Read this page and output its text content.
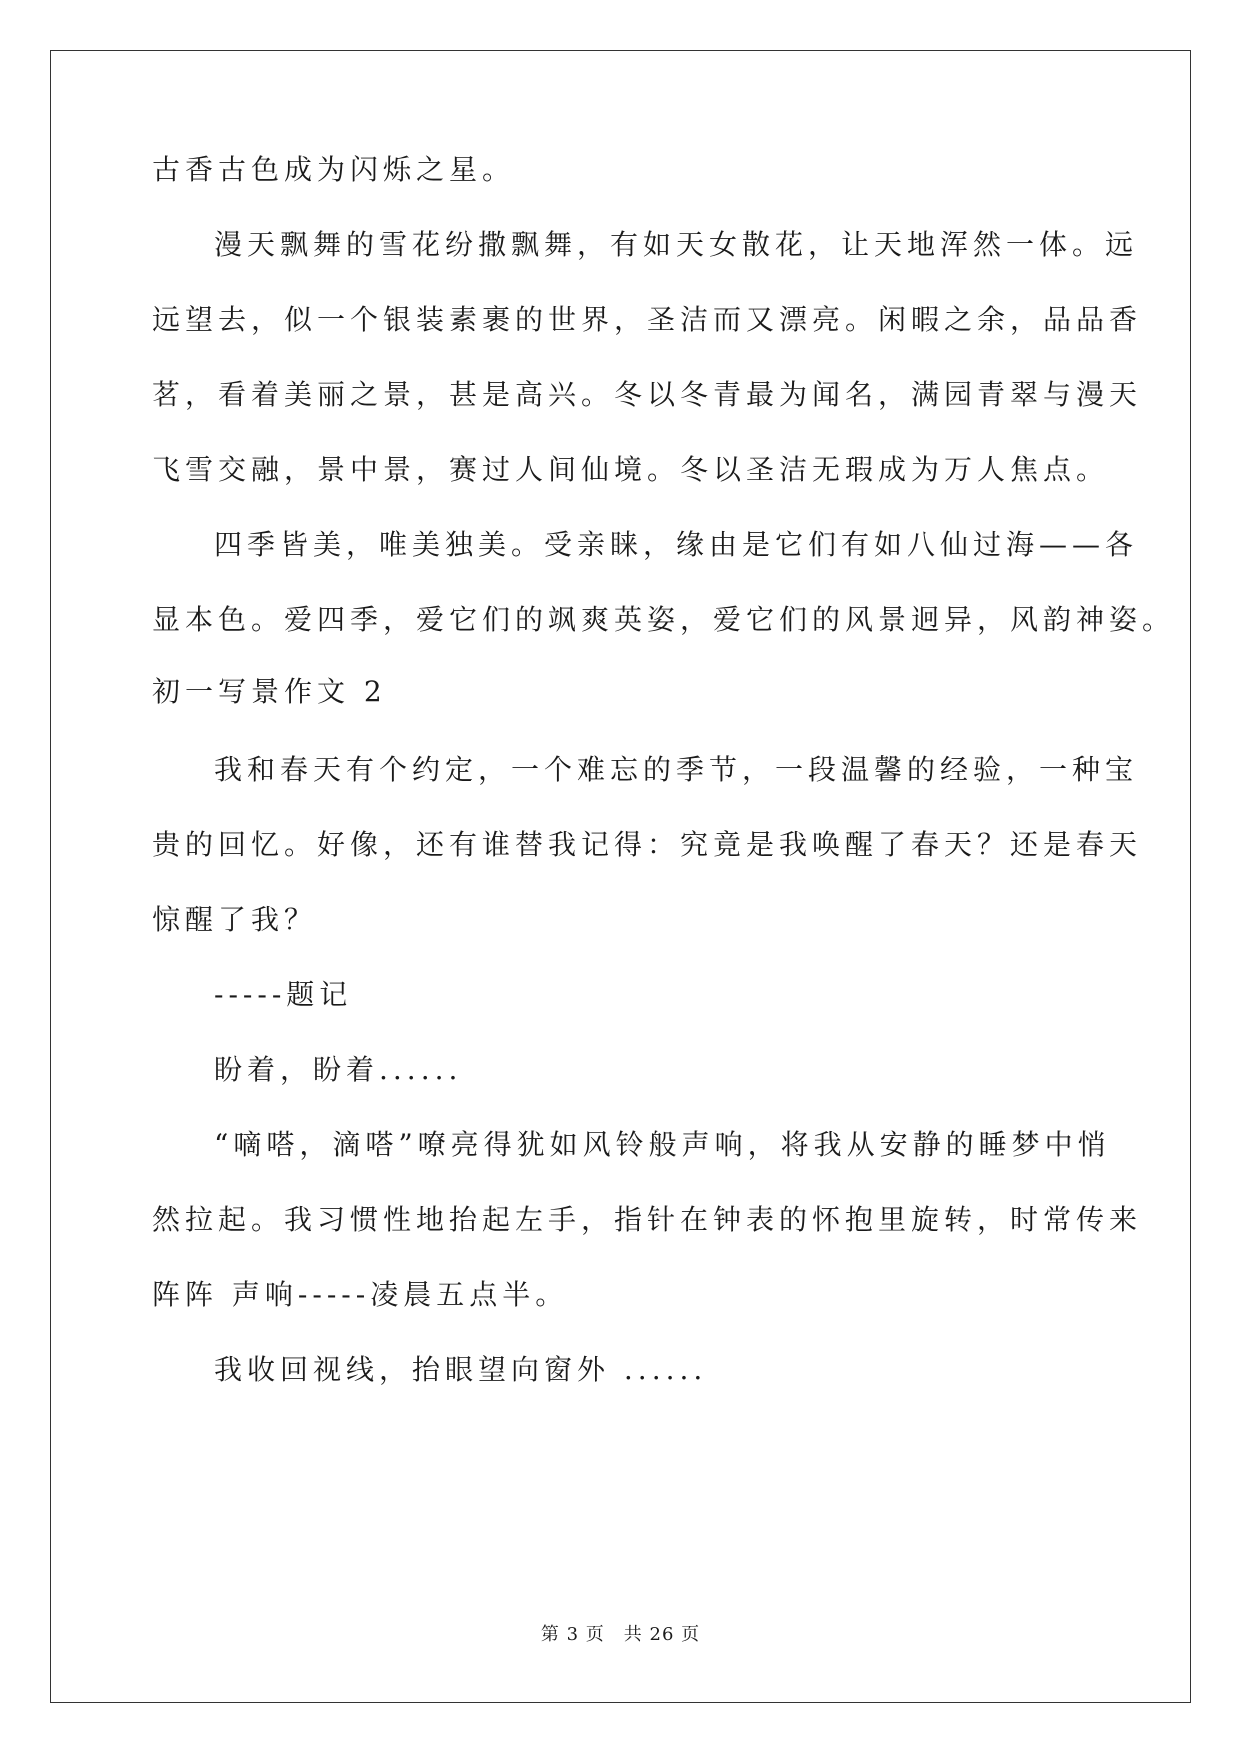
古香古色成为闪烁之星。
漫天飘舞的雪花纷撒飘舞，有如天女散花，让天地浑然一体。远
远望去，似一个银装素裹的世界，圣洁而又漂亮。闲暇之余，品品香
茗，看着美丽之景，甚是高兴。冬以冬青最为闻名，满园青翠与漫天
飞雪交融，景中景，赛过人间仙境。冬以圣洁无瑕成为万人焦点。
四季皆美，唯美独美。受亲睐，缘由是它们有如八仙过海——各
显本色。爱四季，爱它们的飒爽英姿，爱它们的风景迥异，风韵神姿。
初一写景作文 2
我和春天有个约定，一个难忘的季节，一段温馨的经验，一种宝
贵的回忆。好像，还有谁替我记得：究竟是我唤醒了春天？还是春天
惊醒了我？
-----题记
盼着，盼着......
“嘀嗒，滴嗒”嘹亮得犹如风铃般声响，将我从安静的睡梦中悄
然拉起。我习惯性地抬起左手，指针在钟表的怀抱里旋转，时常传来
阵阵 声响-----凌晨五点半。
我收回视线，抬眼望向窗外 ......
第 3 页　共 26 页
